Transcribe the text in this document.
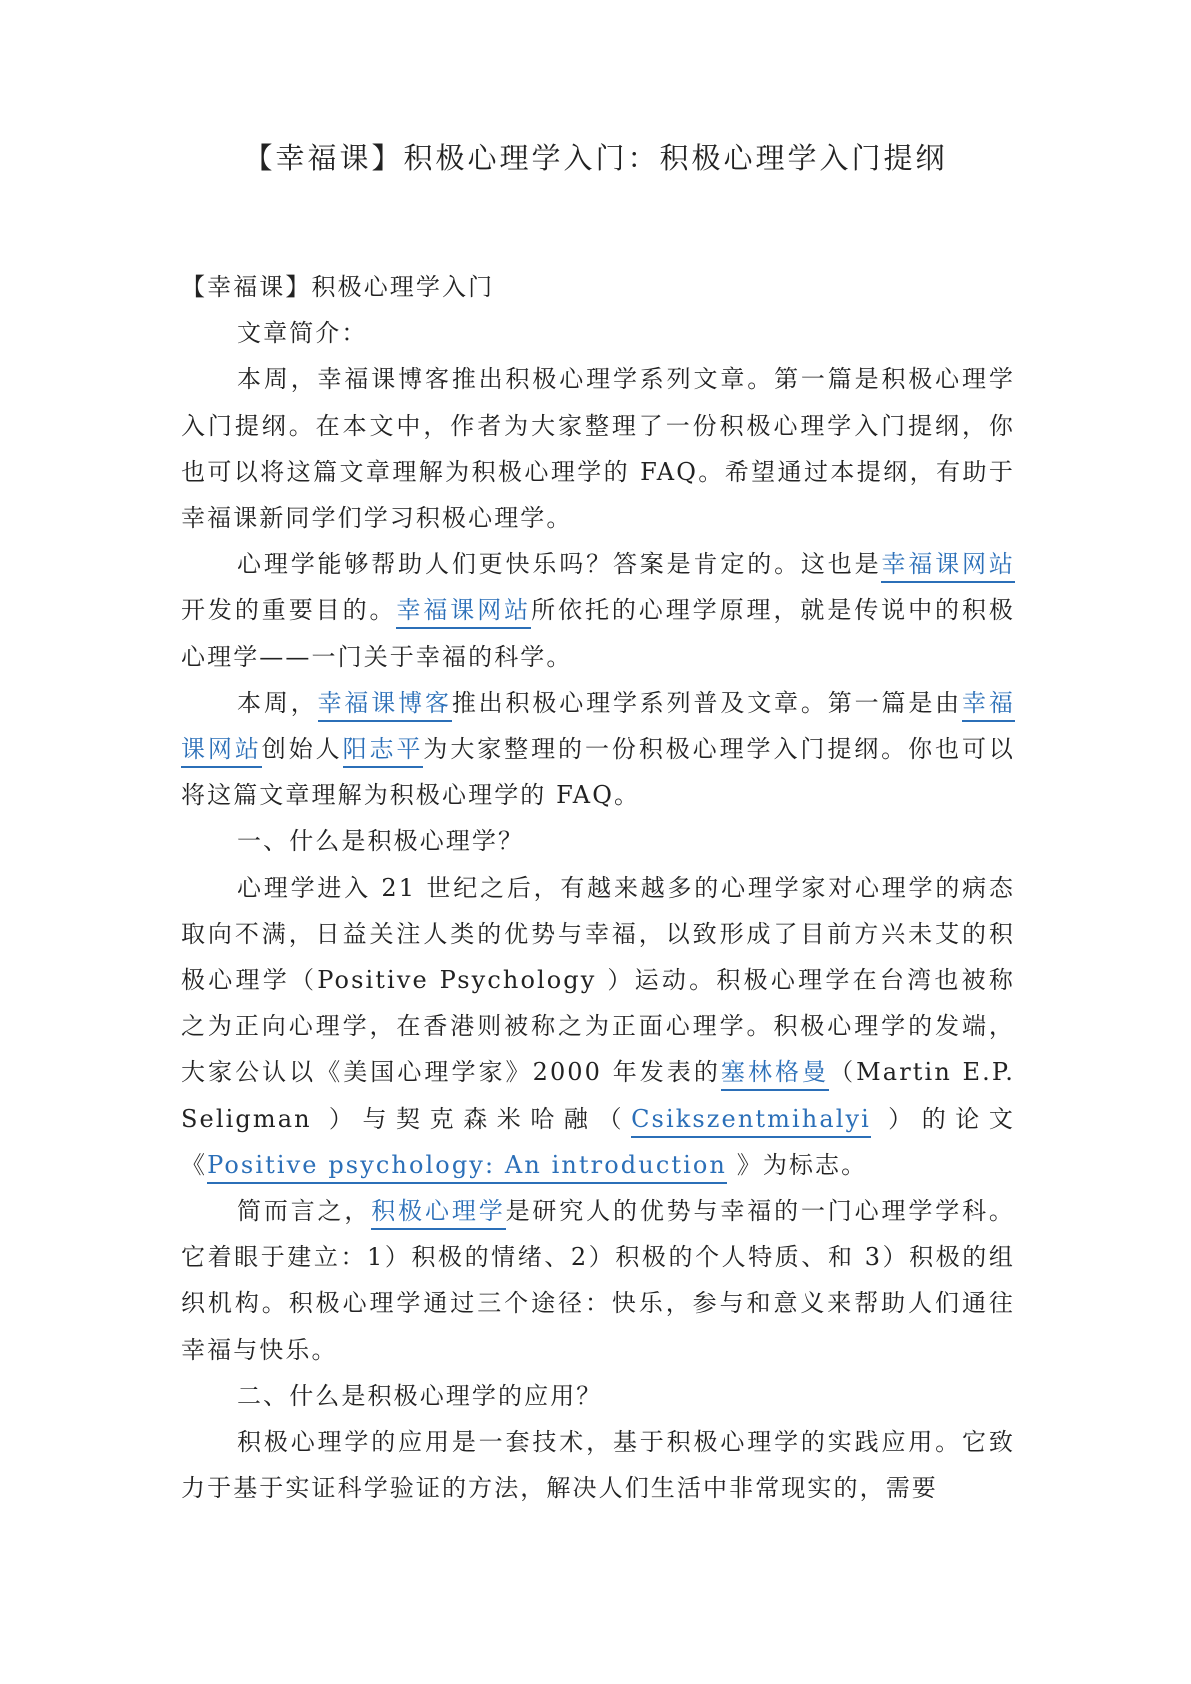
【幸福课】积极心理学入门：积极心理学入门提纲

【幸福课】积极心理学入门

文章简介：

本周，幸福课博客推出积极心理学系列文章。第一篇是积极心理学入门提纲。在本文中，作者为大家整理了一份积极心理学入门提纲，你也可以将这篇文章理解为积极心理学的 FAQ。希望通过本提纲，有助于幸福课新同学们学习积极心理学。

心理学能够帮助人们更快乐吗？答案是肯定的。这也是幸福课网站开发的重要目的。幸福课网站所依托的心理学原理，就是传说中的积极心理学——一门关于幸福的科学。

本周，幸福课博客推出积极心理学系列普及文章。第一篇是由幸福课网站创始人阳志平为大家整理的一份积极心理学入门提纲。你也可以将这篇文章理解为积极心理学的 FAQ。

一、什么是积极心理学？

心理学进入 21 世纪之后，有越来越多的心理学家对心理学的病态取向不满，日益关注人类的优势与幸福，以致形成了目前方兴未艾的积极心理学（Positive Psychology ）运动。积极心理学在台湾也被称之为正向心理学，在香港则被称之为正面心理学。积极心理学的发端，大家公认以《美国心理学家》2000 年发表的塞林格曼（Martin E.P. Seligman ）与契克森米哈融（Csikszentmihalyi ）的论文《Positive psychology: An introduction 》为标志。

简而言之，积极心理学是研究人的优势与幸福的一门心理学学科。它着眼于建立：1）积极的情绪、2）积极的个人特质、和 3）积极的组织机构。积极心理学通过三个途径：快乐，参与和意义来帮助人们通往幸福与快乐。

二、什么是积极心理学的应用？

积极心理学的应用是一套技术，基于积极心理学的实践应用。它致力于基于实证科学验证的方法，解决人们生活中非常现实的，需要
